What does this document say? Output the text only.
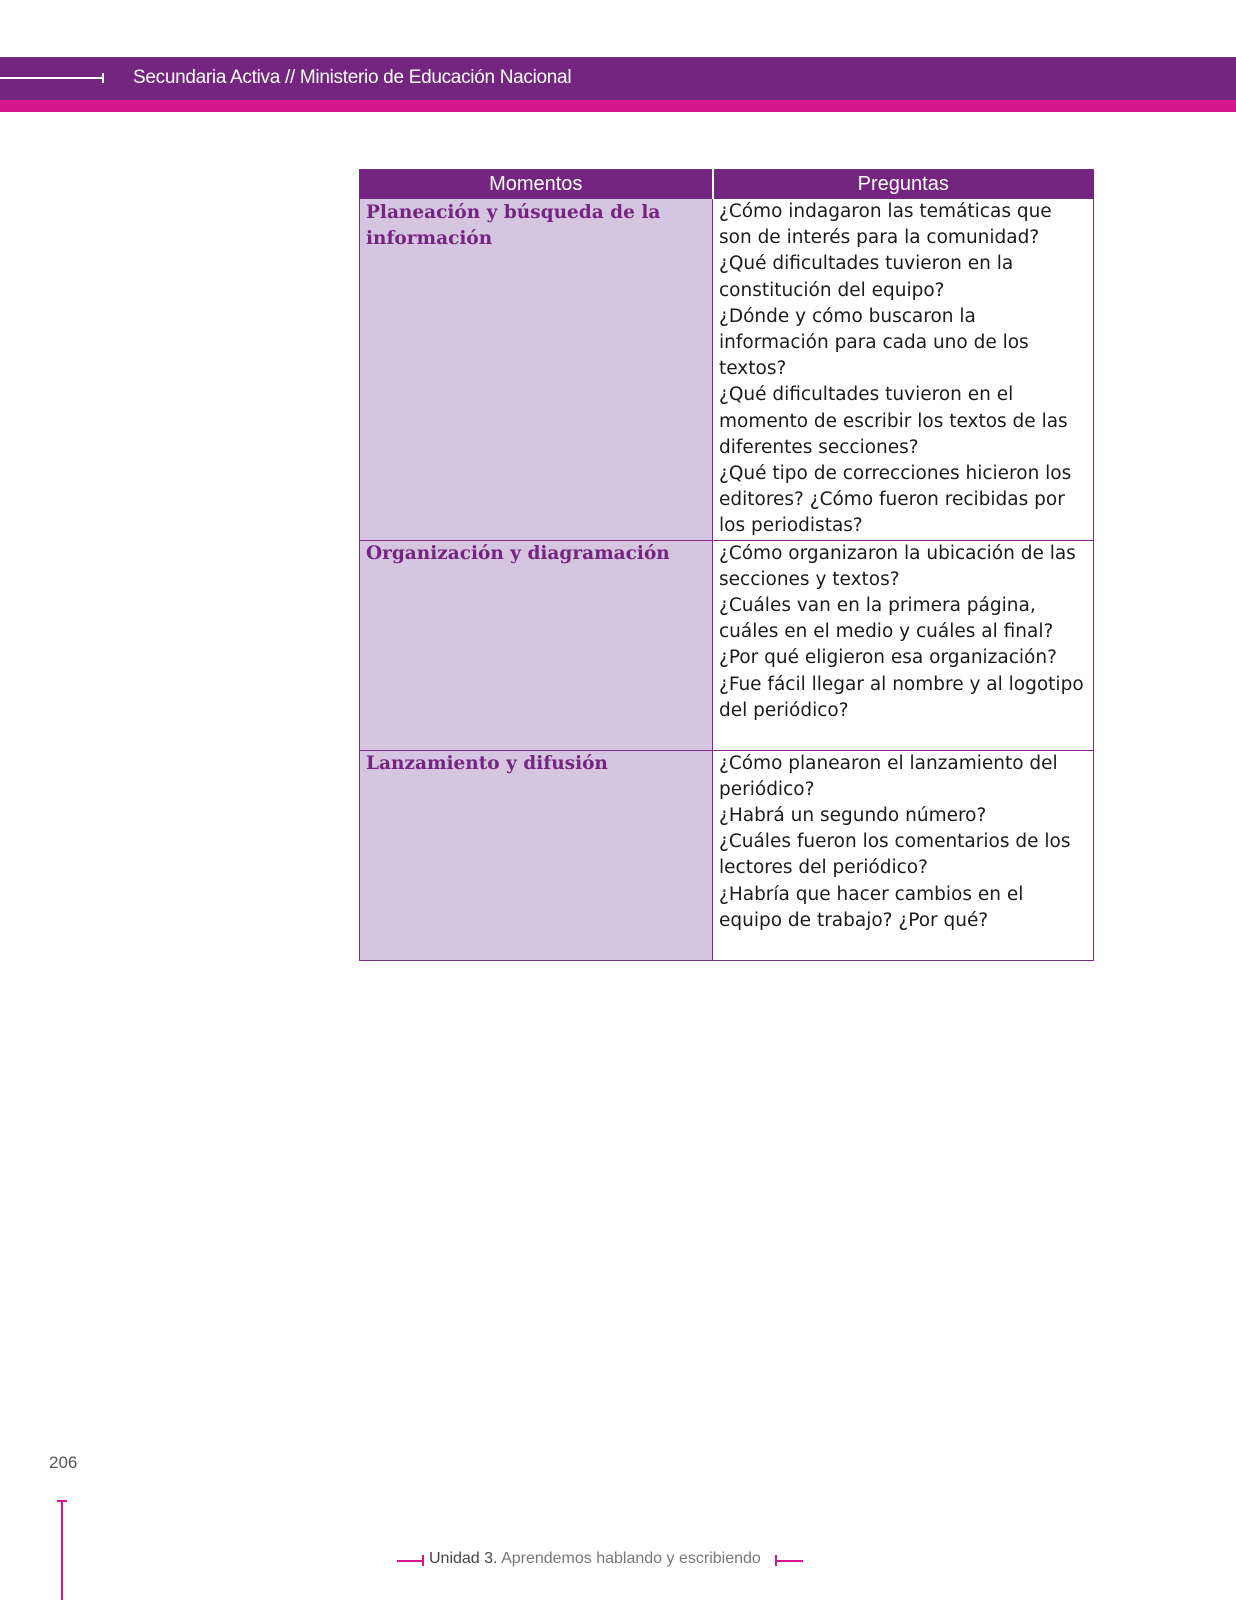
Secundaria Activa // Ministerio de Educación Nacional
Momentos	Preguntas
Planeación y búsqueda de la información	¿Cómo indagaron las temáticas que son de interés para la comunidad?
¿Qué dificultades tuvieron en la constitución del equipo?
¿Dónde y cómo buscaron la información para cada uno de los textos?
¿Qué dificultades tuvieron en el momento de escribir los textos de las diferentes secciones?
¿Qué tipo de correcciones hicieron los editores? ¿Cómo fueron recibidas por los periodistas?

Organización y diagramación	¿Cómo organizaron la ubicación de las secciones y textos?
¿Cuáles van en la primera página, cuáles en el medio y cuáles al final?
¿Por qué eligieron esa organización?
¿Fue fácil llegar al nombre y al logotipo del periódico?

Lanzamiento y difusión	¿Cómo planearon el lanzamiento del periódico?
¿Habrá un segundo número?
¿Cuáles fueron los comentarios de los lectores del periódico?
¿Habría que hacer cambios en el equipo de trabajo? ¿Por qué?
206
Unidad 3. Aprendemos hablando y escribiendo
